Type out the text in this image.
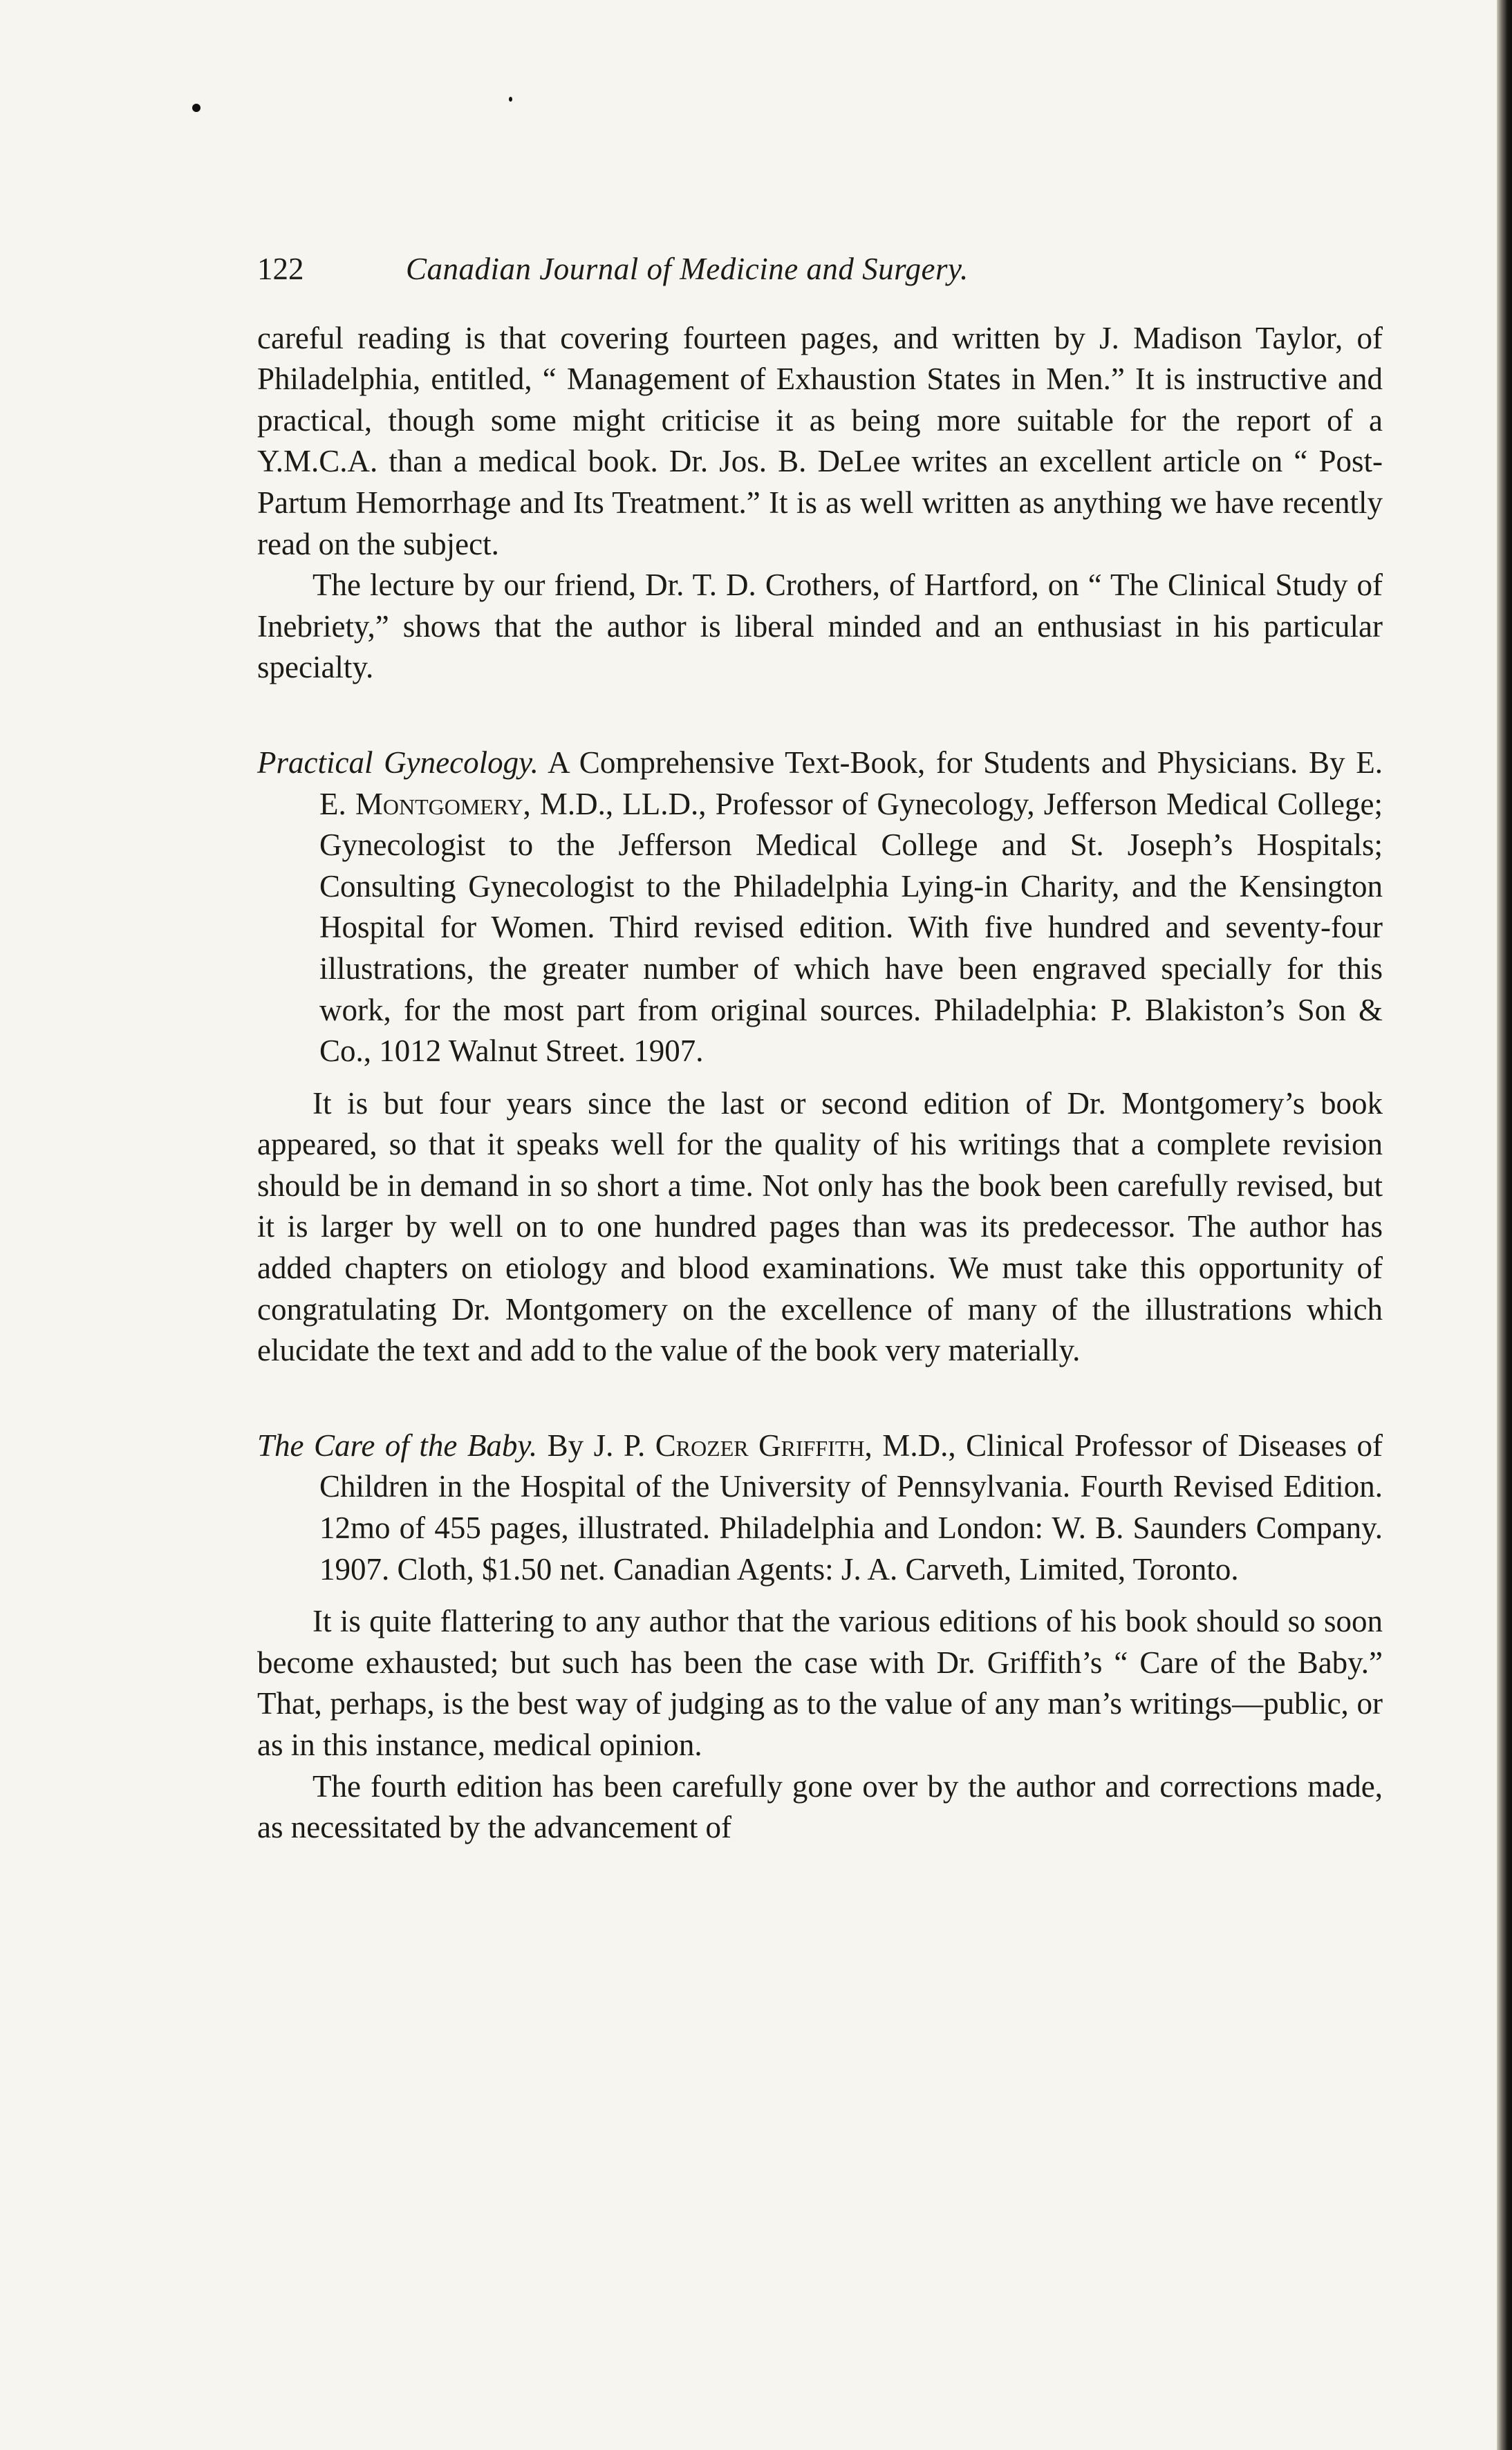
122	Canadian Journal of Medicine and Surgery.

careful reading is that covering fourteen pages, and written by J. Madison Taylor, of Philadelphia, entitled, “ Management of Exhaustion States in Men.” It is instructive and practical, though some might criticise it as being more suitable for the report of a Y.M.C.A. than a medical book. Dr. Jos. B. DeLee writes an excellent article on “ Post-Partum Hemorrhage and Its Treatment.” It is as well written as anything we have recently read on the subject.

The lecture by our friend, Dr. T. D. Crothers, of Hartford, on “ The Clinical Study of Inebriety,” shows that the author is liberal minded and an enthusiast in his particular specialty.

Practical Gynecology. A Comprehensive Text-Book, for Students and Physicians. By E. E. Montgomery, M.D., LL.D., Professor of Gynecology, Jefferson Medical College; Gynecologist to the Jefferson Medical College and St. Joseph’s Hospitals; Consulting Gynecologist to the Philadelphia Lying-in Charity, and the Kensington Hospital for Women. Third revised edition. With five hundred and seventy-four illustrations, the greater number of which have been engraved specially for this work, for the most part from original sources. Philadelphia: P. Blakiston’s Son & Co., 1012 Walnut Street. 1907.

It is but four years since the last or second edition of Dr. Montgomery’s book appeared, so that it speaks well for the quality of his writings that a complete revision should be in demand in so short a time. Not only has the book been carefully revised, but it is larger by well on to one hundred pages than was its predecessor. The author has added chapters on etiology and blood examinations. We must take this opportunity of congratulating Dr. Montgomery on the excellence of many of the illustrations which elucidate the text and add to the value of the book very materially.

The Care of the Baby. By J. P. Crozer Griffith, M.D., Clinical Professor of Diseases of Children in the Hospital of the University of Pennsylvania. Fourth Revised Edition. 12mo of 455 pages, illustrated. Philadelphia and London: W. B. Saunders Company. 1907. Cloth, $1.50 net. Canadian Agents: J. A. Carveth, Limited, Toronto.

It is quite flattering to any author that the various editions of his book should so soon become exhausted; but such has been the case with Dr. Griffith’s “ Care of the Baby.” That, perhaps, is the best way of judging as to the value of any man’s writings—public, or as in this instance, medical opinion.

The fourth edition has been carefully gone over by the author and corrections made, as necessitated by the advancement of
